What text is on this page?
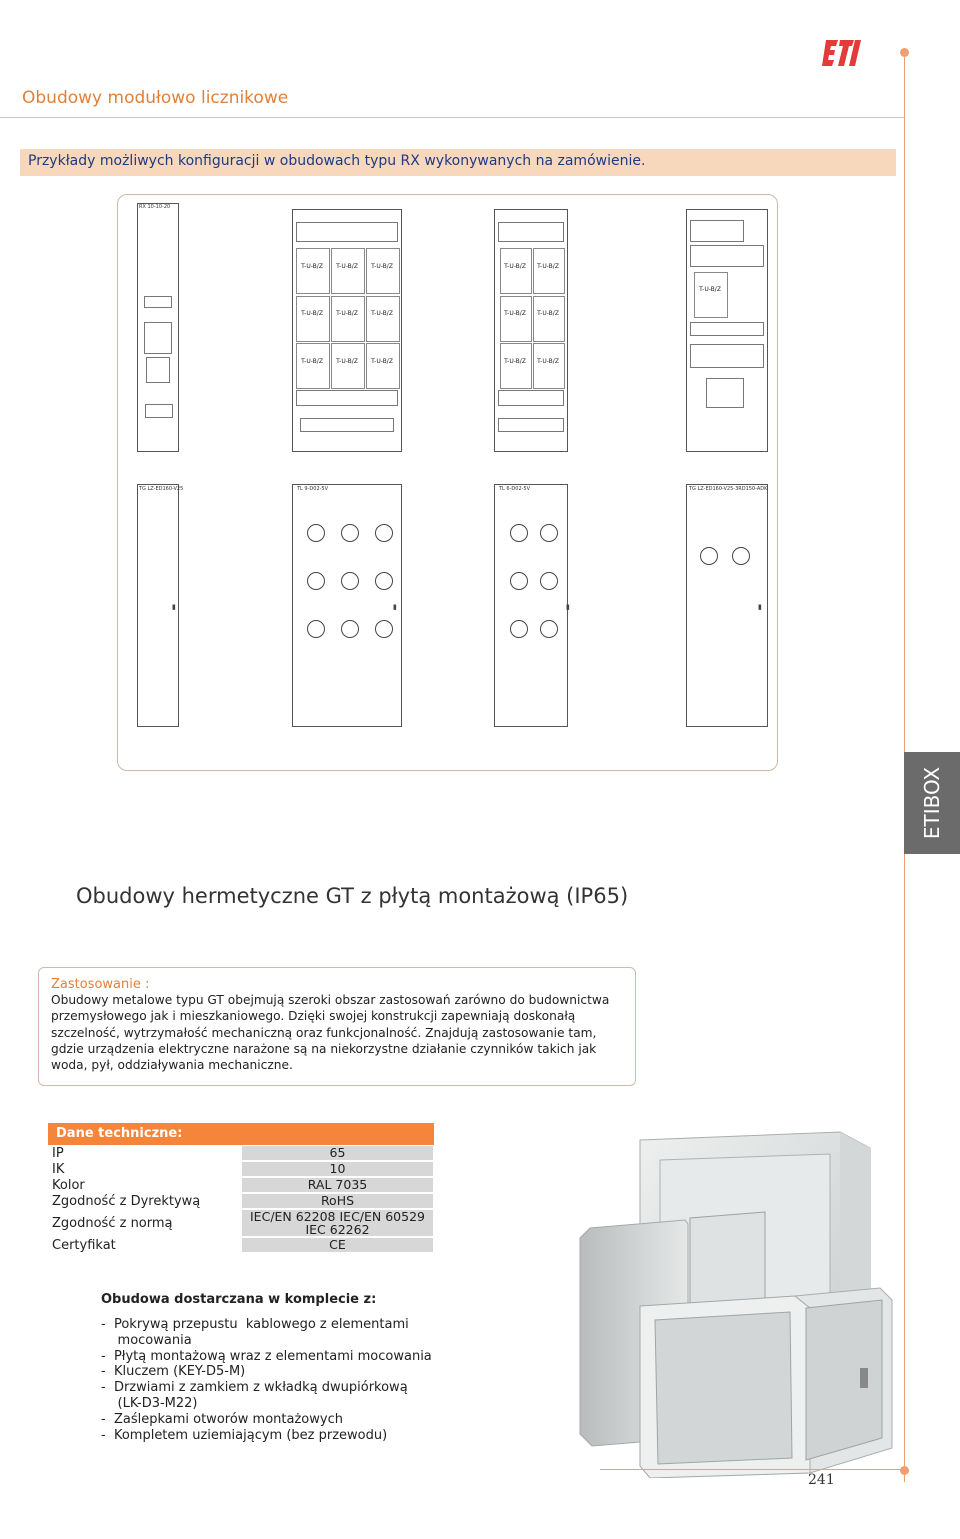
Obudowy modułowo licznikowe
Przykłady możliwych konfiguracji w obudowach typu RX wykonywanych na zamówienie.
RX 10-10-20
T-U-B/Z	T-U-B/Z	T-U-B/Z
T-U-B/Z	T-U-B/Z	T-U-B/Z
T-U-B/Z	T-U-B/Z	T-U-B/Z
T-U-B/Z	T-U-B/Z
T-U-B/Z	T-U-B/Z
T-U-B/Z	T-U-B/Z
T-U-B/Z
TG LZ-ED160-V25
▮
TL 9-D02-5V
▮
TL 6-D02-5V
▮
TG LZ-ED160-V25-3RD150-ADK
▮
ETIBOX
Obudowy hermetyczne GT z płytą montażową (IP65)
Zastosowanie :
Obudowy metalowe typu GT obejmują szeroki obszar zastosowań zarówno do budownictwa
przemysłowego jak i mieszkaniowego. Dzięki swojej konstrukcji zapewniają doskonałą
szczelność, wytrzymałość mechaniczną oraz funkcjonalność. Znajdują zastosowanie tam,
gdzie urządzenia elektryczne narażone są na niekorzystne działanie czynników takich jak
woda, pył, oddziaływania mechaniczne.
Dane techniczne:
IP	65
IK	10
Kolor	RAL 7035
Zgodność z Dyrektywą	RoHS
Zgodność z normą	IEC/EN 62208 IEC/EN 60529
IEC 62262
Certyfikat	CE
Obudowa dostarczana w komplecie z:
-  Pokrywą przepustu  kablowego z elementami
mocowania
-  Płytą montażową wraz z elementami mocowania
-  Kluczem (KEY-D5-M)
-  Drzwiami z zamkiem z wkładką dwupiórkową
(LK-D3-M22)
-  Zaślepkami otworów montażowych
-  Kompletem uziemiającym (bez przewodu)
241
